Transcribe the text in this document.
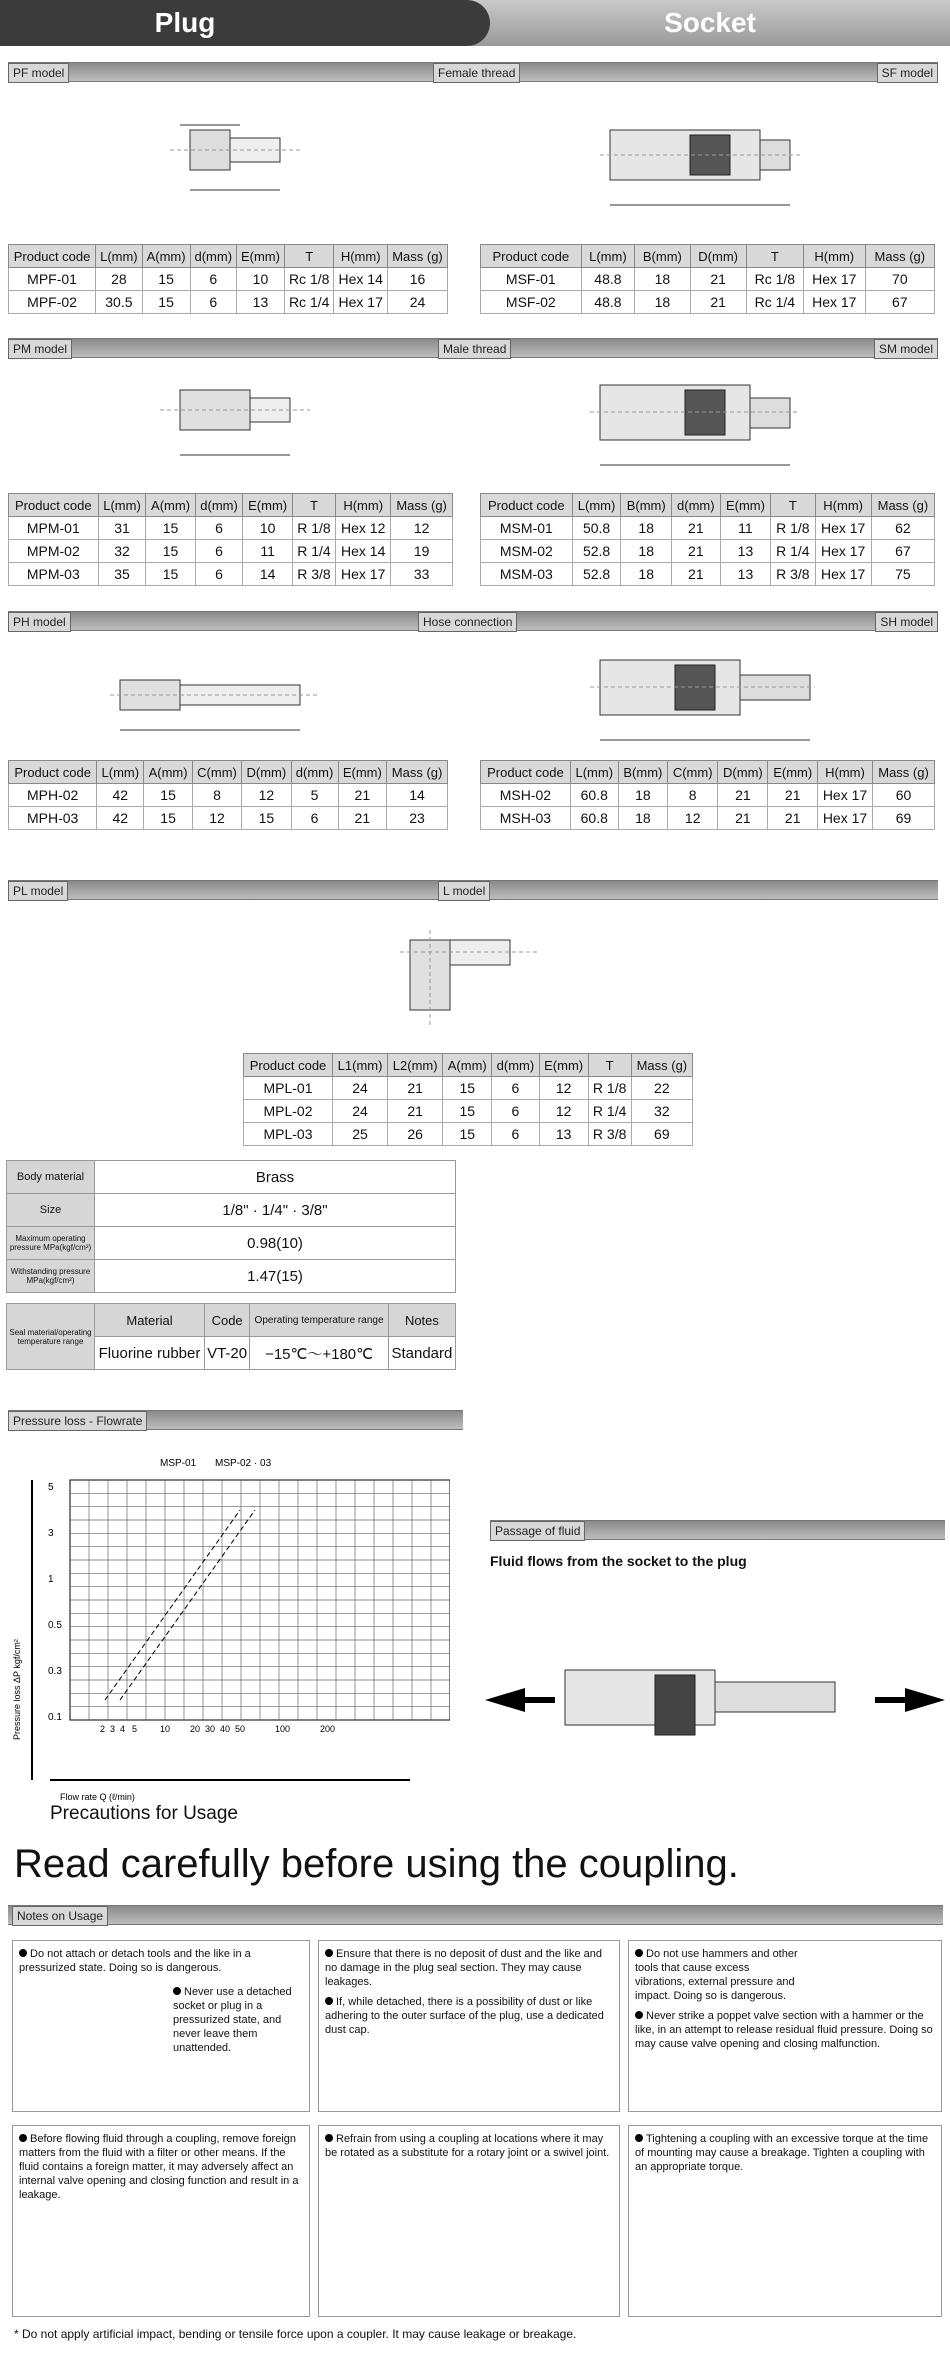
Socket
Plug
PF model	Female thread	SF model
Product code	L(mm)	A(mm)	d(mm)	E(mm)	T	H(mm)	Mass (g)
MPF-01	28	15	6	10	Rc 1/8	Hex 14	16
MPF-02	30.5	15	6	13	Rc 1/4	Hex 17	24
Product code	L(mm)	B(mm)	D(mm)	T	H(mm)	Mass (g)
MSF-01	48.8	18	21	Rc 1/8	Hex 17	70
MSF-02	48.8	18	21	Rc 1/4	Hex 17	67
PM model	Male thread	SM model
Product code	L(mm)	A(mm)	d(mm)	E(mm)	T	H(mm)	Mass (g)
MPM-01	31	15	6	10	R 1/8	Hex 12	12
MPM-02	32	15	6	11	R 1/4	Hex 14	19
MPM-03	35	15	6	14	R 3/8	Hex 17	33
Product code	L(mm)	B(mm)	d(mm)	E(mm)	T	H(mm)	Mass (g)
MSM-01	50.8	18	21	11	R 1/8	Hex 17	62
MSM-02	52.8	18	21	13	R 1/4	Hex 17	67
MSM-03	52.8	18	21	13	R 3/8	Hex 17	75
PH model	Hose connection	SH model
Product code	L(mm)	A(mm)	C(mm)	D(mm)	d(mm)	E(mm)	Mass (g)
MPH-02	42	15	8	12	5	21	14
MPH-03	42	15	12	15	6	21	23
Product code	L(mm)	B(mm)	C(mm)	D(mm)	E(mm)	H(mm)	Mass (g)
MSH-02	60.8	18	8	21	21	Hex 17	60
MSH-03	60.8	18	12	21	21	Hex 17	69
PL model	L model
Product code	L1(mm)	L2(mm)	A(mm)	d(mm)	E(mm)	T	Mass (g)
MPL-01	24	21	15	6	12	R 1/8	22
MPL-02	24	21	15	6	12	R 1/4	32
MPL-03	25	26	15	6	13	R 3/8	69
Body material	Brass
Size	1/8" · 1/4" · 3/8"
Maximum operating pressure MPa(kgf/cm²)	0.98(10)
Withstanding pressure MPa(kgf/cm²)	1.47(15)
Seal material/operating temperature range	Material	Code	Operating temperature range	Notes
	Fluorine rubber	VT-20	−15℃～+180℃	Standard
Pressure loss - Flowrate
MSP-01 MSP-02 · 03
Pressure loss ΔP kgf/cm²
Flow rate Q (ℓ/min)
5
3
1
0.5
0.3
0.1
2 3 4 5	10 20 30 40 50	100	200
Passage of fluid
Fluid flows from the socket to the plug
Precautions for Usage
Read carefully before using the coupling.
Notes on Usage

Do not attach or detach tools and the like in a pressurized state. Doing so is dangerous.

Never use a detached socket or plug in a pressurized state, and never leave them unattended.

Ensure that there is no deposit of dust and the like and no damage in the plug seal section. They may cause leakages.

If, while detached, there is a possibility of dust or like adhering to the outer surface of the plug, use a dedicated dust cap.

Do not use hammers and other tools that cause excess vibrations, external pressure and impact. Doing so is dangerous.

Never strike a poppet valve section with a hammer or the like, in an attempt to release residual fluid pressure. Doing so may cause valve opening and closing malfunction.

Before flowing fluid through a coupling, remove foreign matters from the fluid with a filter or other means. If the fluid contains a foreign matter, it may adversely affect an internal valve opening and closing function and result in a leakage.

Refrain from using a coupling at locations where it may be rotated as a substitute for a rotary joint or a swivel joint.

Tightening a coupling with an excessive torque at the time of mounting may cause a breakage. Tighten a coupling with an appropriate torque.

* Do not apply artificial impact, bending or tensile force upon a coupler. It may cause leakage or breakage.
